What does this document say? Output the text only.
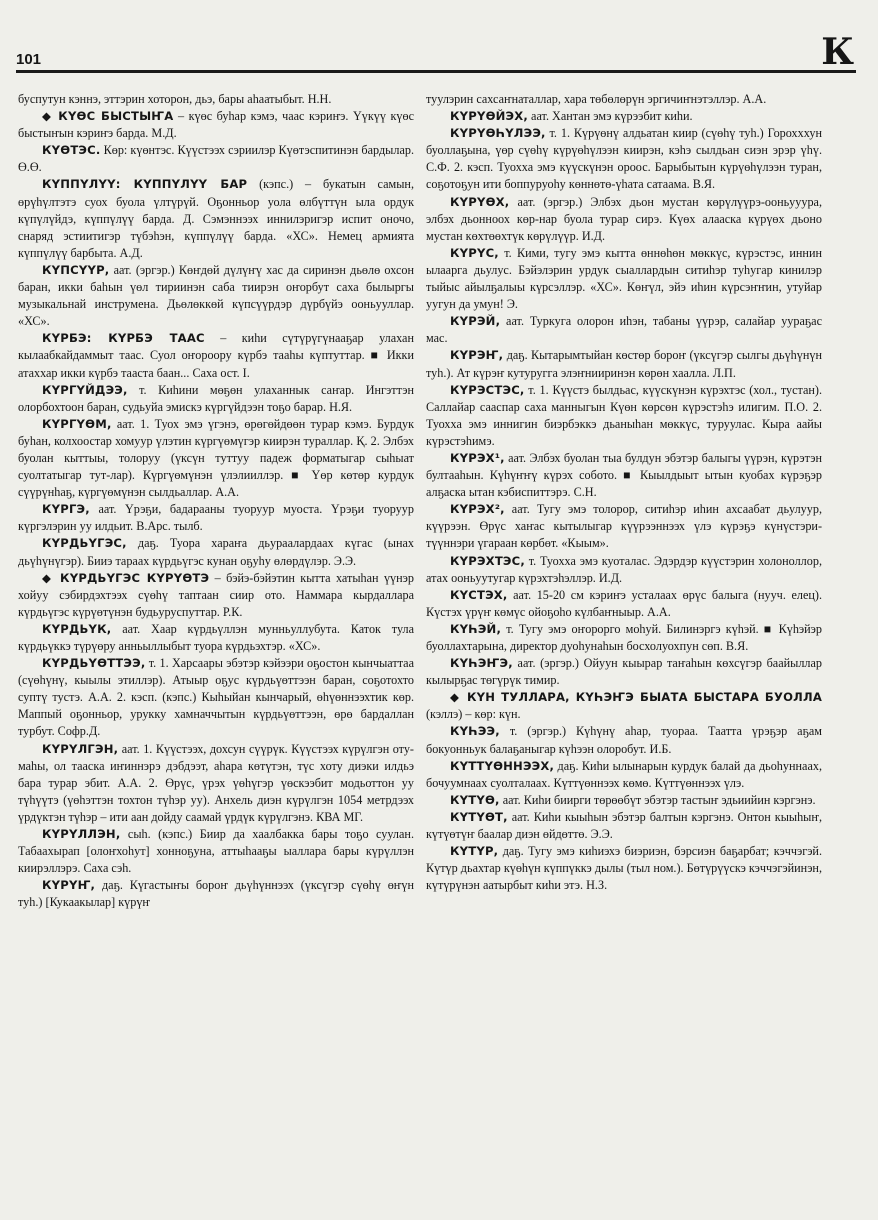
101	К

буспутун кэннэ, эттэрин хоторон, дьэ, бары аһаатыбыт. Н.Н.

◆ КҮӨС БЫСТЫҤА – күөс буһар кэмэ, чаас кэриҥэ. Үүкүү күөс быстыҥын кэриҥэ барда. М.Д.

КҮӨТЭС. Көр: күөнтэс. Күүстээх сэриилэр Күөтэспитинэн бардылар. Ө.Ө.

КҮППҮЛҮҮ: КҮППҮЛҮҮ БАР (кэпс.) – букатын самын, өрүһүлтэтэ суох буола үлтүрүй. Оҕонньор уола өлбүттүн ыла ордук күпүлүйдэ, күппүлүү барда. Д. Сэмэннээх иннилэригэр испит оночо, снаряд эстиитигэр түбэһэн, күппүлүү барда. «ХС». Немец армията күппүлүү барбыта. А.Д.

КҮПСҮҮР, аат. (эргэр.) Көҥдөй дүлүҥү хас да сиринэн дьөлө охсон баран, икки баһын үөл тириинэн саба тиирэн оҥорбут саха былыргы музыкальнай инструмена. Дьөлөккөй күпсүүрдэр дүрбүйэ ооньууллар. «ХС».

КҮРБЭ: КҮРБЭ ТААС – киһи сүтүрүгүнааҕар улахан кылаабкайдаммыт таас. Суол оҥороору күрбэ тааһы күптуттар. ■ Икки атаххар икки күрбэ тааста баан... Саха ост. I.

КҮРГҮЙДЭЭ, т. Киһини мөҕөн улаханнык саҥар. Ингэттэн олорбохтоон баран, судьуйа эмискэ күргүйдээн тоҕо барар. Н.Я.

КҮРГҮӨМ, аат. 1. Туох эмэ үгэнэ, өрөгөйдөөн турар кэмэ. Бурдук буһан, колхоостар хомуур үлэтин күргүөмүгэр киирэн тураллар. Қ. 2. Элбэх буолан кыттыы, толоруу (үксүн туттуу падеж форматыгар сыһыат суолтатыгар тут-лар). Күргүөмүнэн үлэлииллэр. ■ Үөр көтөр курдук сүүрүнһаҕ, күргүөмүнэн сылдьаллар. А.А.

КҮРГЭ, аат. Үрэҕи, бадарааны туоруур муоста. Үрэҕи туоруур күргэлэрин уу илдьит. В.Арс. тылб.

КҮРДЬҮГЭС, даҕ. Туора хараҥа дьураалардаах күгас (ынах дьүһүнүгэр). Бииэ тараах күрдьүгэс кунан оҕуһу өлөрдүлэр. Э.Э.

◆ КҮРДЬҮГЭС КҮРҮӨТЭ – бэйэ-бэйэтин кытта хатыһан үүнэр хойуу сэбирдэхтээх сүөһү таптаан сиир ото. Наммара кырдаллара күрдьүгэс күрүөтүнэн будьуруспуттар. Р.К.

КҮРДЬҮК, аат. Хаар күрдьүллэн мунньуллубута. Каток тула күрдьүккэ түрүөру анньыллыбыт туора күрдьэхтэр. «ХС».

КҮРДЬҮӨТТЭЭ, т. 1. Харсаары эбэтэр кэйээри оҕостон кынчыаттаа (сүөһүнү, кыылы этиллэр). Атыыр оҕус күрдьүөттээн баран, соҕотохто суптү тустэ. А.А. 2. кэсп. (кэпс.) Кыһыйан кынчарый, өһүөннээхтик көр. Маппый оҕонньор, урукку хамначчытын күрдьүөттээн, өрө бардаллан турбут. Софр.Д.

КҮРҮЛГЭН, аат. 1. Күүстээх, дохсун сүүрүк. Күүстээх күрүлгэн оту-маһы, ол тааска иҥиннэрэ дэбдээт, аһара көтүтэн, түс хоту диэки илдьэ бара турар эбит. А.А. 2. Өрүс, үрэх үөһүгэр үөскээбит модьоттон уу түһүүтэ (үөһэттэн тохтон түһэр уу). Анхель диэн күрүлгэн 1054 метрдээх үрдүктэн түһэр – ити аан дойду саамай үрдүк күрүлгэнэ. КВА МГ.

КҮРҮЛЛЭН, сыһ. (кэпс.) Биир да хаалбакка бары тоҕо суулан. Табаахырап [олоҥхоһут] хонноҕуна, аттыһааҕы ыаллара бары күрүллэн киирэллэрэ. Саха сэһ.

КҮРҮҤ, даҕ. Күгастыҥы бороҥ дьүһүннээх (үксүгэр сүөһү өҥүн туһ.) [Кукаакылар] күрүҥ

туулэрин сахсаҥнаталлар, хара төбөлөрүн эргичиҥнэтэллэр. А.А.

КҮРҮӨЙЭХ, аат. Хантан эмэ күрээбит киһи.

КҮРҮӨҺҮЛЭЭ, т. 1. Күрүөнү алдьатан киир (сүөһү туһ.) Горохххун буоллаҕына, үөр сүөһү күрүөһүлээн киирэн, кэһэ сылдьан сиэн эрэр үһү. С.Ф. 2. кэсп. Туохха эмэ күүскүнэн ороос. Барыбытын күрүөһүлээн туран, соҕотоҕун ити боппуруоһу көннөтө-үһата сатаама. В.Я.

КҮРҮӨХ, аат. (эргэр.) Элбэх дьон мустан көрүлүүрэ-ооньууура, элбэх дьонноох көр-нар буола турар сирэ. Күөх алааска күрүөх дьоно мустан көхтөөхтүк көрүлүүр. И.Д.

КҮРҮС, т. Кими, тугу эмэ кытта өннөһөн мөккүс, күрэстэс, иннин ылаарга дьулус. Бэйэлэрин урдук сыаллардын ситиһэр туһугар кинилэр тыйыс айылҕалыы күрсэллэр. «ХС». Көҥүл, эйэ иһин күрсэҥҥин, утуйар уугун да умун! Э.

КҮРЭЙ, аат. Туркуга олорон иһэн, табаны үүрэр, салайар уураҕас мас.

КҮРЭҤ, даҕ. Кытарымтыйан көстөр бороҥ (үксүгэр сылгы дьүһүнүн туһ.). Ат күрэҥ кутуругга элэҥнииринэн көрөн хаалла. Л.П.

КҮРЭСТЭС, т. 1. Күүстэ былдьас, күүскүнэн күрэхтэс (хол., тустан). Саллайар сааспар саха манныгын Күөн көрсөн күрэстэһэ илигим. П.О. 2. Туохха эмэ иннигин биэрбэккэ дьаныһан мөккүс, туруулас. Кыра аайы күрэстэһимэ.

КҮРЭХ¹, аат. Элбэх буолан тыа булдун эбэтэр балыгы үүрэн, күрэтэн бултааһын. Күһүҥҥү күрэх собото. ■ Кыылдыыт ытын куобах күрэҕэр алҕаска ытан кэбиспиттэрэ. С.Н.

КҮРЭХ², аат. Тугу эмэ толорор, ситиһэр иһин ахсаабат дьулуур, күүрээн. Өрүс хаҥас кытылыгар күүрээннээх үлэ күрэҕэ күнүстэри-түүннэри үгараан көрбөт. «Кыым».

КҮРЭХТЭС, т. Туохха эмэ куоталас. Эдэрдэр күүстэрин холоноллор, атах ооньуутугар күрэхтэһэллэр. И.Д.

КҮСТЭХ, аат. 15-20 см кэриҥэ усталаах өрүс балыга (нууч. елец). Күстэх үрүҥ көмүс ойоҕоһо күлбаҥныыр. А.А.

КҮҺЭЙ, т. Тугу эмэ оҥорорго моһуй. Билинэргэ күһэй. ■ Күһэйэр буоллахтарына, директор дуоһунаһын босхолуохпун сөп. В.Я.

КҮҺЭҤЭ, аат. (эргэр.) Ойуун кыырар таҥаһын көхсүгэр баайыллар кылырҕас төгүрүк тимир.

◆ КҮН ТУЛЛАРА, КҮҺЭҤЭ БЫАТА БЫСТАРА БУОЛЛА (кэллэ) – көр: күн.

КҮҺЭЭ, т. (эргэр.) Күһүнү аһар, туораа. Таатта үрэҕэр аҕам бокуонньук балаҕаныгар күһээн олоробут. И.Б.

КҮТТҮӨННЭЭХ, даҕ. Киһи ылынарын курдук балай да дьоһуннаах, бочуумнаах суолталаах. Күттүөннээх көмө. Күттүөннээх үлэ.

КҮТҮӨ, аат. Киһи биирги төрөөбүт эбэтэр тастыҥ эдьиийин кэргэнэ.

КҮТҮӨТ, аат. Киһи кыыһын эбэтэр балтын кэргэнэ. Онтон кыыһыҥ, күтүөтүҥ баалар диэн өйдөттө. Э.Э.

КҮТҮР, даҕ. Тугу эмэ киһиэхэ биэриэн, бэрсиэн баҕарбат; кэччэгэй. Күтүр дьахтар күөһүн күппүккэ дылы (тыл ном.). Бөтүрүүскэ кэччэгэйинэн, күтүрүнэн аатырбыт киһи этэ. Н.З.
